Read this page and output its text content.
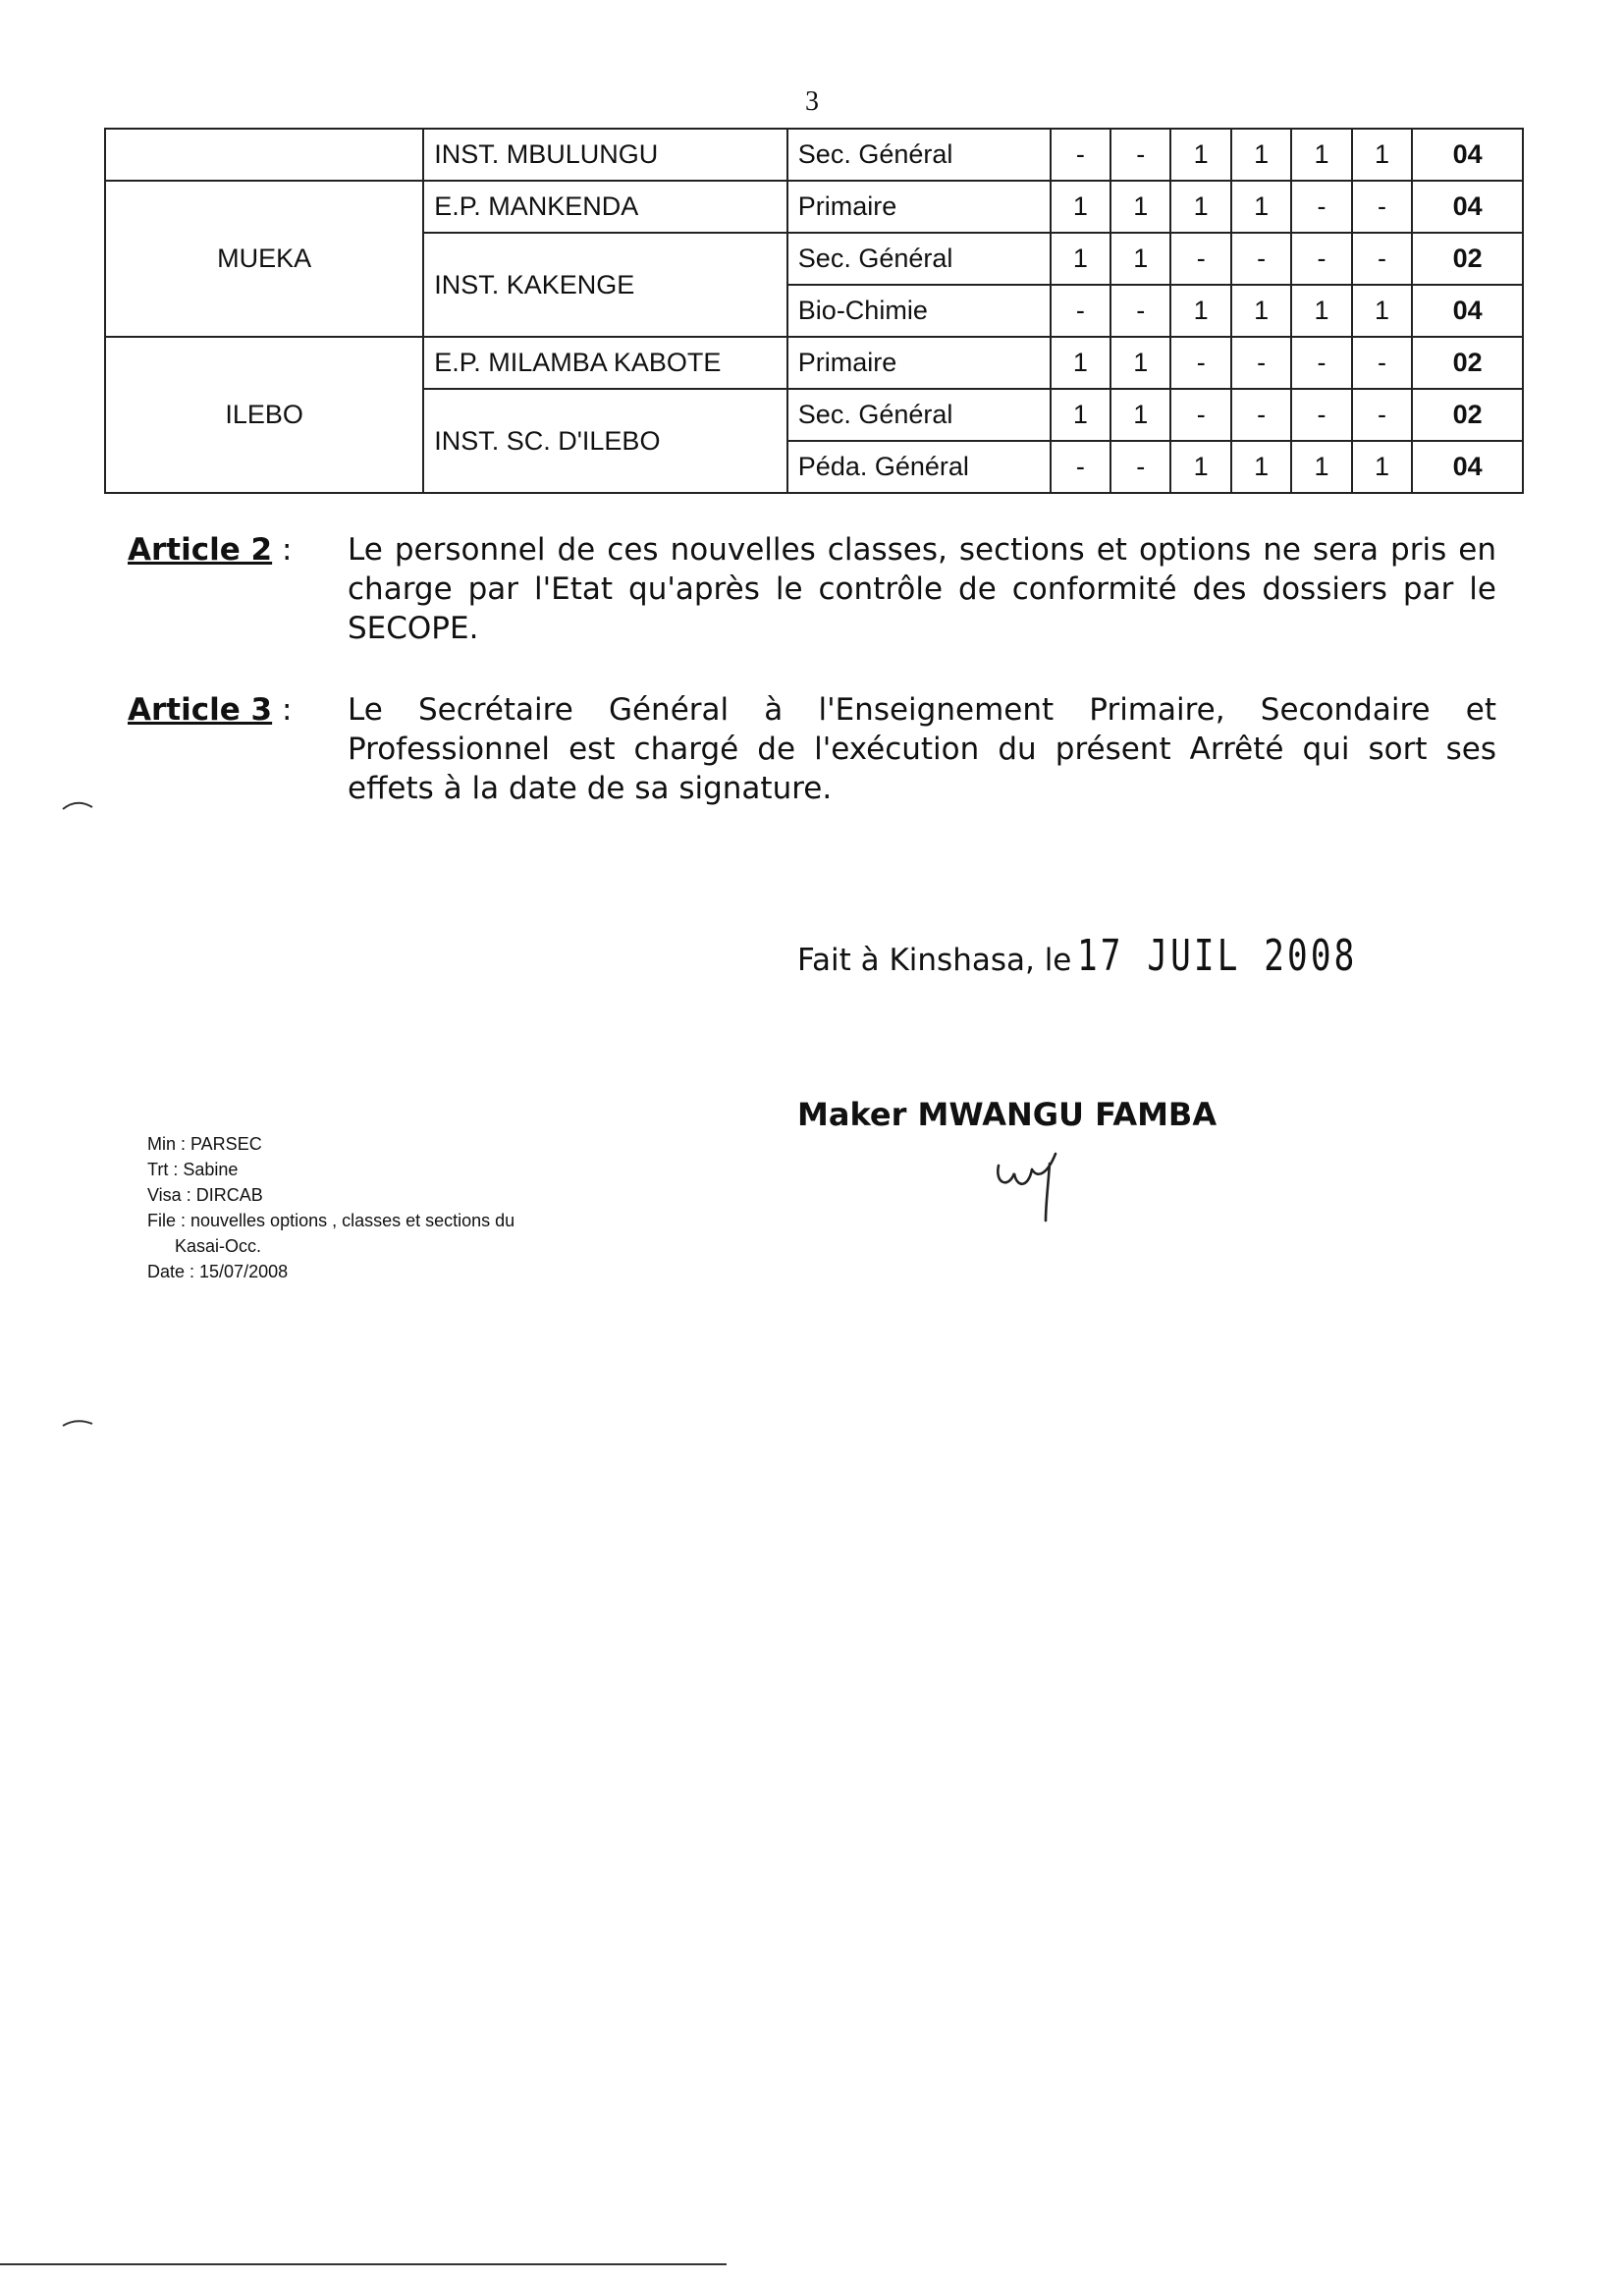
3
	INST. MBULUNGU	Sec. Général	-	-	1	1	1	1	04
MUEKA	E.P. MANKENDA	Primaire	1	1	1	1	-	-	04
	INST. KAKENGE	Sec. Général	1	1	-	-	-	-	02
		Bio-Chimie	-	-	1	1	1	1	04
ILEBO	E.P. MILAMBA KABOTE	Primaire	1	1	-	-	-	-	02
	INST. SC. D'ILEBO	Sec. Général	1	1	-	-	-	-	02
		Péda. Général	-	-	1	1	1	1	04
Article 2 :	Le personnel de ces nouvelles classes, sections et options ne sera pris en charge par l'Etat qu'après le contrôle de conformité des dossiers par le SECOPE.
Article 3 :	Le Secrétaire Général à l'Enseignement Primaire, Secondaire et Professionnel est chargé de l'exécution du présent Arrêté qui sort ses effets à la date de sa signature.
Fait à Kinshasa, le 17 JUIL 2008
Maker MWANGU FAMBA
Min : PARSEC
Trt : Sabine
Visa : DIRCAB
File : nouvelles options , classes et sections du
Kasai-Occ.
Date : 15/07/2008
